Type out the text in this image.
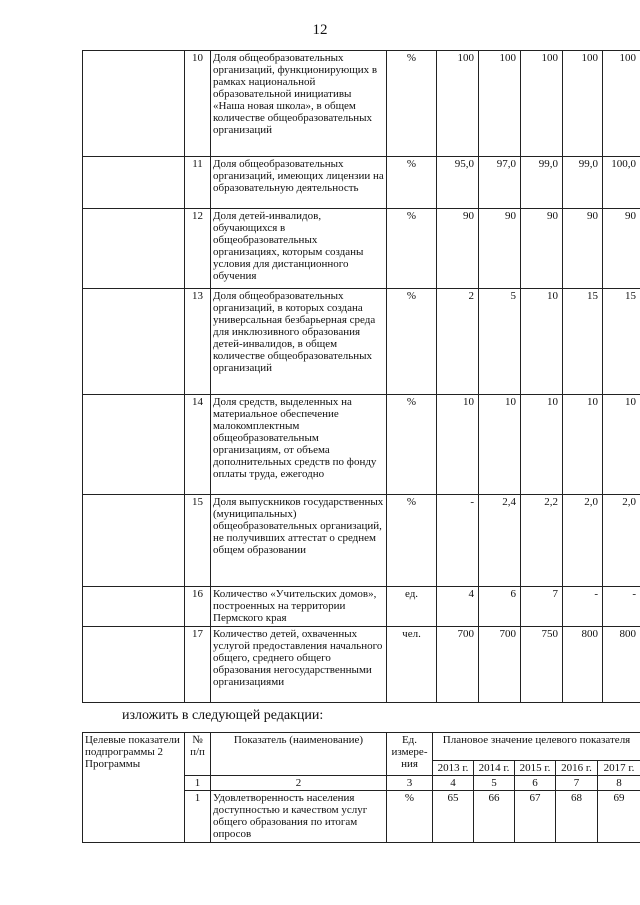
12
	10	Доля общеобразовательных организаций, функционирующих в рамках национальной образовательной инициативы «Наша новая школа», в общем количестве общеобразовательных организаций	%	100	100	100	100	100
	11	Доля общеобразовательных организаций, имеющих лицензии на образовательную деятельность	%	95,0	97,0	99,0	99,0	100,0
	12	Доля детей-инвалидов, обучающихся в общеобразовательных организациях, которым созданы условия для дистанционного обучения	%	90	90	90	90	90
	13	Доля общеобразовательных организаций, в которых создана универсальная безбарьерная среда для инклюзивного образования детей-инвалидов, в общем количестве общеобразовательных организаций	%	2	5	10	15	15
	14	Доля средств, выделенных на материальное обеспечение малокомплектным общеобразовательным организациям, от объема дополнительных средств по фонду оплаты труда, ежегодно	%	10	10	10	10	10
	15	Доля выпускников государственных (муниципальных) общеобразовательных организаций, не получивших аттестат о среднем общем образовании	%	-	2,4	2,2	2,0	2,0
	16	Количество «Учительских домов», построенных на территории Пермского края	ед.	4	6	7	-	-
	17	Количество детей, охваченных услугой предоставления начального общего, среднего общего образования негосударственными организациями	чел.	700	700	750	800	800
изложить в следующей редакции:
Целевые показатели подпрограммы 2 Программы	№ п/п	Показатель (наименование)	Ед. измере-ния	Плановое значение целевого показателя				
				2013 г.	2014 г.	2015 г.	2016 г.	2017 г.
	1	2	3	4	5	6	7	8
	1	Удовлетворенность населения доступностью и качеством услуг общего образования по итогам опросов	%	65	66	67	68	69
